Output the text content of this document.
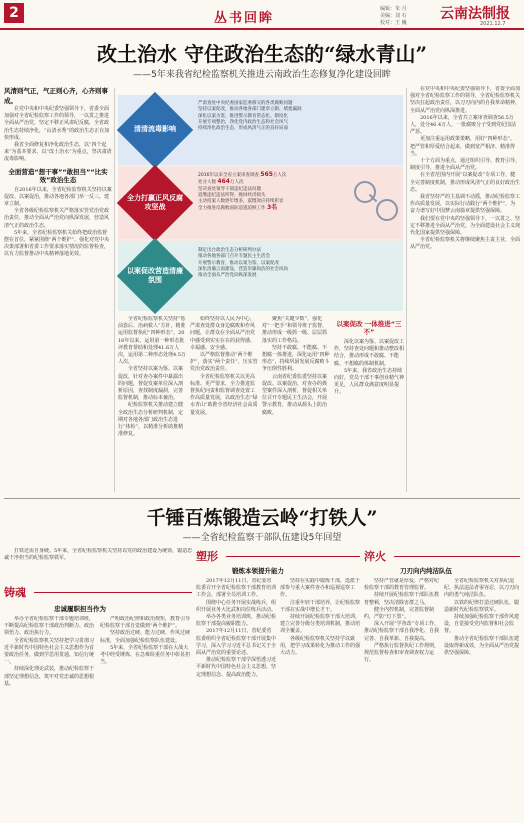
2	丛书回眸
编辑：朱 月
美编：刘 石
校对：王 巍
云南法制报
2021.12.7
改土治水 守住政治生态的“绿水青山”
——5年来我省纪检监察机关推进云南政治生态修复净化建设回眸

风清则气正，气正则心齐，心齐则事成。

在党中央和中央纪委坚强领导下，省委全面加强对全省纪检监察工作的领导，一以贯之推进全面从严治党，坚定不移正风肃纪反腐，全省政治生态持续净化，“山清水秀”的政治生态正在加快形成。

我省全面修复和净化政治生态，以“四个起来”为基本要求，以“改土治水”为重点，坚决肃清流毒影响。

全面营造“想干事”“敢担当”“比实效”政治生态

自2016年以来，全省纪检监察机关坚持以案促改、以案促治，推动各地各部门举一反三，建章立制。

全省各级纪检监察机关严格落实管党治党政治责任，推动全面从严治党向纵深发展，营造风清气正的政治生态。

5年来，全省纪检监察机关始终把政治监督摆在首位，紧紧围绕“两个维护”，强化对党中央决策部署和省委工作要求落实情况的监督检查，以有力监督推动中央精神落地见效。

清清流毒影响
严肃查处中央纪委国家监委移交的各类腐败问题
坚持以案促改，推动各地各部门建章立制、堵塞漏洞
深化以案为鉴，推进警示教育常态化、制度化
开展专项整治，净化党内政治生态和社会风气
持续净化政治生态，形成风清气正的良好局面
全力打赢正风反腐攻坚战
2016年以来全省立案审查调查 565万人次
处分人数 464万人次
坚决查处领导干部违纪违法问题
追缴违纪违法所得，挽回经济损失
主动投案人数逐年增多，震慑效应持续彰显
全力推进反腐败国际追逃追赃工作 3名
以案促改营造清廉氛围
制定出台政治生态分析研判办法
推动各地各部门召开专题民主生活会
开展警示教育，推动以案为鉴、以案促改
深化清廉云南建设，营造崇廉尚洁的社会风尚
推动全面从严治党向纵深发展

在党中央和中央纪委坚强领导下，省委全面加强对全省纪检监察工作的领导，全省纪检监察机关坚决扛起政治责任，以刀刃向内的自我革命精神，全面从严治党向纵深推进。

2016年以来，全省共立案审查调查56.5万人，处分46.4万人，一批腐败分子受到党纪国法严惩。

更加注重运用政策策略，用好“四种形态”，把严管和厚爱结合起来，做到宽严相济、精准得当。

十个方面为重点，通过组织引导、教育引导、制度引导，推进全面从严治党。

在全省范围内开展“以案促改”专项工作，健全完善制度机制，推动形成风清气正的良好政治生态。

我省坚持严的主基调不动摇，推动纪检监察工作高质量发展，以实际行动践行“两个维护”，为奋力谱写好中国梦云南篇章提供坚强保障。

我们要在党中央的坚强领导下，一以贯之、坚定不移推进全面从严治党，为全面建设社会主义现代化国家提供坚强保障。

全省纪检监察机关将继续聚焦主责主业，全面从严治党。

全省纪检监察机关坚持“惩前毖后、治病救人”方针，精准运用监督执纪“四种形态”，2016年以来，运用第一种形态批评教育帮助和处理41.6万人次，运用第二种形态处理4.5万人次。

全省坚持以案为鉴、以案促改，针对查办案件中暴露出的问题，督促发案单位深入剖析原因，查找制度漏洞，完善监督机制，推动标本兼治。

纪检监察机关推动建立健全政治生态分析研判机制，定期对各地各部门政治生态进行“体检”，以精准分析助推精准修复。

始终坚持以人民为中心，严肃查处群众身边腐败和作风问题，让群众在全面从严治党中感受到实实在在的获得感、幸福感、安全感。

以严格监督推动“两个维护”，落实“两个责任”，压实管党治党政治责任。

全省纪检监察机关以更高标准、更严要求，全力推进监督执纪问责和监督调查处置工作高质量发展，以政治生态“绿水青山”助推全省经济社会高质量发展。

聚焦“关键少数”，强化对“一把手”和领导班子监督，推动形成一级抓一级、层层抓落实的工作格局。

坚持不敢腐、不能腐、不想腐一体推进，深化运用“四种形态”，持续巩固发展反腐败斗争压倒性胜利。

云南省纪委监委坚持以案促改、以案促治，对查办的典型案件深入剖析，督促相关单位召开专题民主生活会，开展警示教育，推动从源头上防治腐败。

以案促改 一体推进“三不”

深化以案为鉴、以案促改工作，坚持查处问题和推动整改相结合，推动形成不敢腐、不能腐、不想腐的体制机制。

5年来，我省政治生态持续向好，党员干部干事创业精气神更足，人民群众满意度明显提升。

千锤百炼锻造云岭“打铁人”
——全省纪检监察干部队伍建设5年回望

打铁还需自身硬。5年来，全省纪检监察机关坚持以党的政治建设为统领，锻造忠诚干净担当的纪检监察铁军。

铸魂
忠诚履职担当作为

举办全省纪检监察干部专题培训班，不断提高纪检监察干部政治判断力、政治领悟力、政治执行力。

全省纪检监察机关坚持把学习贯彻习近平新时代中国特色社会主义思想作为首要政治任务，做到学思用贯通、知信行统一。

持续深化理论武装，推动纪检监察干部坚定理想信念，筑牢对党忠诚的思想根基。

严明政治纪律和政治规矩，教育引导纪检监察干部自觉做到“两个维护”。

坚持政治过硬、能力过硬、作风过硬标准，全面加强纪检监察队伍建设。

5年来，全省纪检监察干部在大战大考中经受锤炼、在急难险重任务中彰显担当。

塑形
锻炼本领提升能力

2017年12月11日，省纪委省监委召开全省纪检监察干部教育培训工作会，部署全员培训工作。

围绕中心任务开展实战练兵，组织开展业务大比武和岗位练兵活动。

举办各类业务培训班，推动纪检监察干部提高履职能力。

2017年12月11日，省纪委省监委组织全省纪检监察干部开展集中学习，深入学习习近平总书记关于全面从严治党的重要论述。

推动纪检监察干部学深悟透习近平新时代中国特色社会主义思想，坚定理想信念、提高政治能力。

坚持在实践中锻炼干部，选派干部参与重大案件查办和巡视巡察工作。

注重年轻干部培养，让纪检监察干部在实战中增长才干。

持续开展纪检监察干部大培训，建立完善分级分类培训机制，推动培训全覆盖。

各级纪检监察机关坚持学以致用，把学习成果转化为推动工作的强大动力。

淬火
刀刃向内纯洁队伍

坚持严管就是厚爱，严格对纪检监察干部的教育管理监督。

持续开展纪检监察干部队伍教育整顿，坚决清除害群之马。

健全内控机制，完善监督制约，严防“灯下黑”。

深入开展“学查改”专项工作，推动纪检监察干部自我净化、自我完善、自我革新、自我提高。

严格执行监督执纪工作规则，规范监督检查和审查调查权力运行。

全省纪检监察机关对执纪违纪、执法违法者零容忍，以刀刃向内的勇气纯洁队伍。

以铁的纪律打造过硬队伍，锻造新时代纪检监察铁军。

持续加强纪检监察干部作风建设，自觉接受党内监督和社会监督。

推动全省纪检监察干部队伍建设取得新成效，为全面从严治党提供坚强保障。
